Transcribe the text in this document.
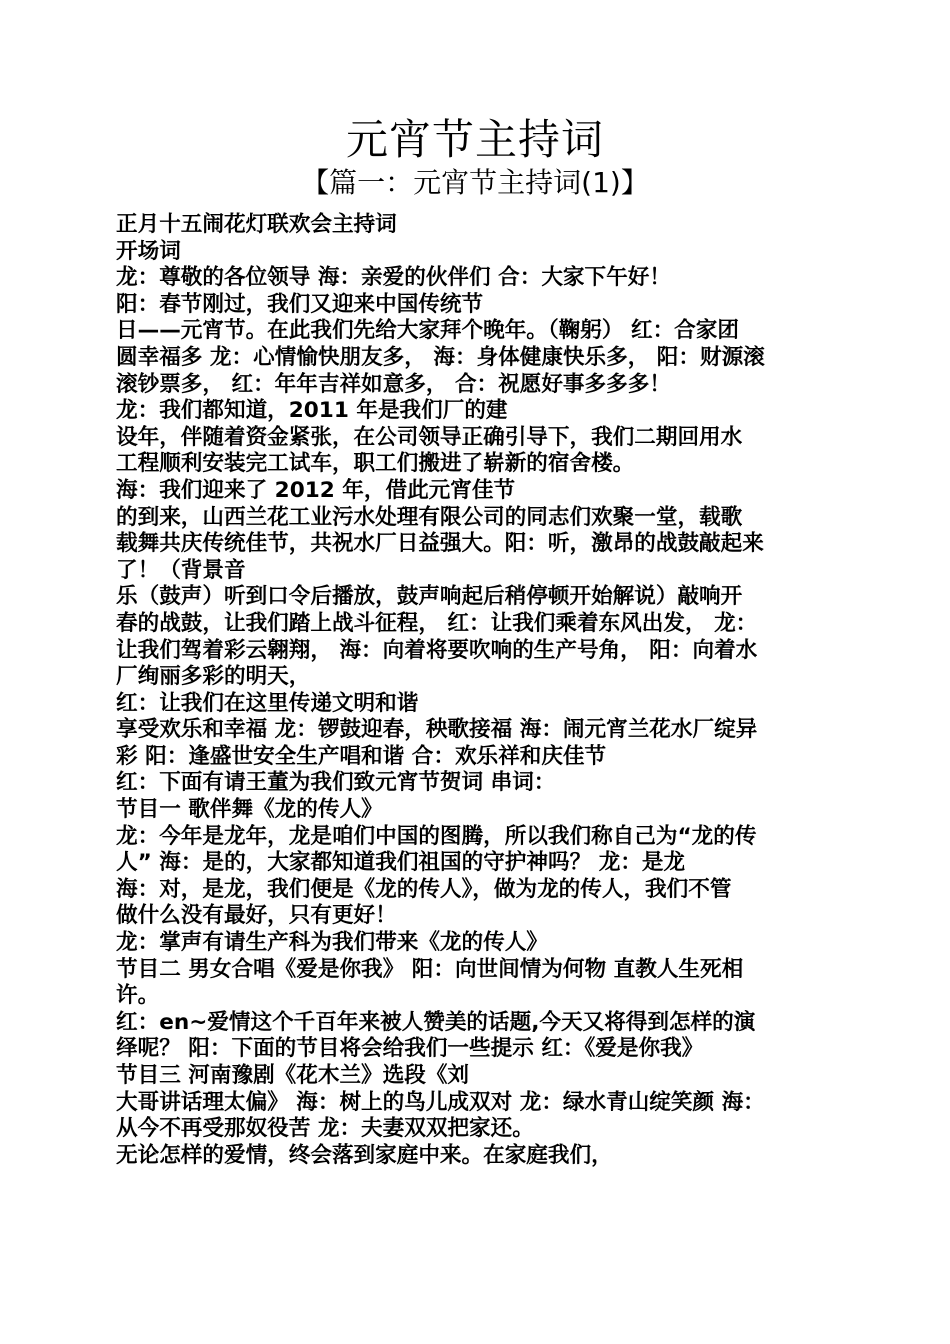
元宵节主持词
【篇一：元宵节主持词(1)】
正月十五闹花灯联欢会主持词
开场词
龙：尊敬的各位领导 海：亲爱的伙伴们 合：大家下午好！
阳：春节刚过，我们又迎来中国传统节
日——元宵节。在此我们先给大家拜个晚年。（鞠躬） 红：合家团
圆幸福多 龙：心情愉快朋友多， 海：身体健康快乐多， 阳：财源滚
滚钞票多， 红：年年吉祥如意多， 合：祝愿好事多多多！
龙：我们都知道，2011 年是我们厂的建
设年，伴随着资金紧张，在公司领导正确引导下，我们二期回用水
工程顺利安装完工试车，职工们搬进了崭新的宿舍楼。
海：我们迎来了 2012 年，借此元宵佳节
的到来，山西兰花工业污水处理有限公司的同志们欢聚一堂，载歌
载舞共庆传统佳节，共祝水厂日益强大。阳：听，激昂的战鼓敲起来
了！（背景音
乐（鼓声）听到口令后播放，鼓声响起后稍停顿开始解说）敲响开
春的战鼓，让我们踏上战斗征程， 红：让我们乘着东风出发， 龙：
让我们驾着彩云翱翔， 海：向着将要吹响的生产号角， 阳：向着水
厂绚丽多彩的明天，
红：让我们在这里传递文明和谐
享受欢乐和幸福 龙：锣鼓迎春，秧歌接福 海：闹元宵兰花水厂绽异
彩 阳：逢盛世安全生产唱和谐 合：欢乐祥和庆佳节
红：下面有请王董为我们致元宵节贺词 串词：
节目一 歌伴舞《龙的传人》
龙：今年是龙年，龙是咱们中国的图腾，所以我们称自己为“龙的传
人” 海：是的，大家都知道我们祖国的守护神吗？ 龙：是龙
海：对，是龙，我们便是《龙的传人》，做为龙的传人，我们不管
做什么没有最好，只有更好！
龙：掌声有请生产科为我们带来《龙的传人》
节目二 男女合唱《爱是你我》 阳：向世间情为何物 直教人生死相
许。
红：en~爱情这个千百年来被人赞美的话题,今天又将得到怎样的演
绎呢？ 阳：下面的节目将会给我们一些提示 红：《爱是你我》
节目三 河南豫剧《花木兰》选段《刘
大哥讲话理太偏》 海：树上的鸟儿成双对 龙：绿水青山绽笑颜 海：
从今不再受那奴役苦 龙：夫妻双双把家还。
无论怎样的爱情，终会落到家庭中来。在家庭我们，
